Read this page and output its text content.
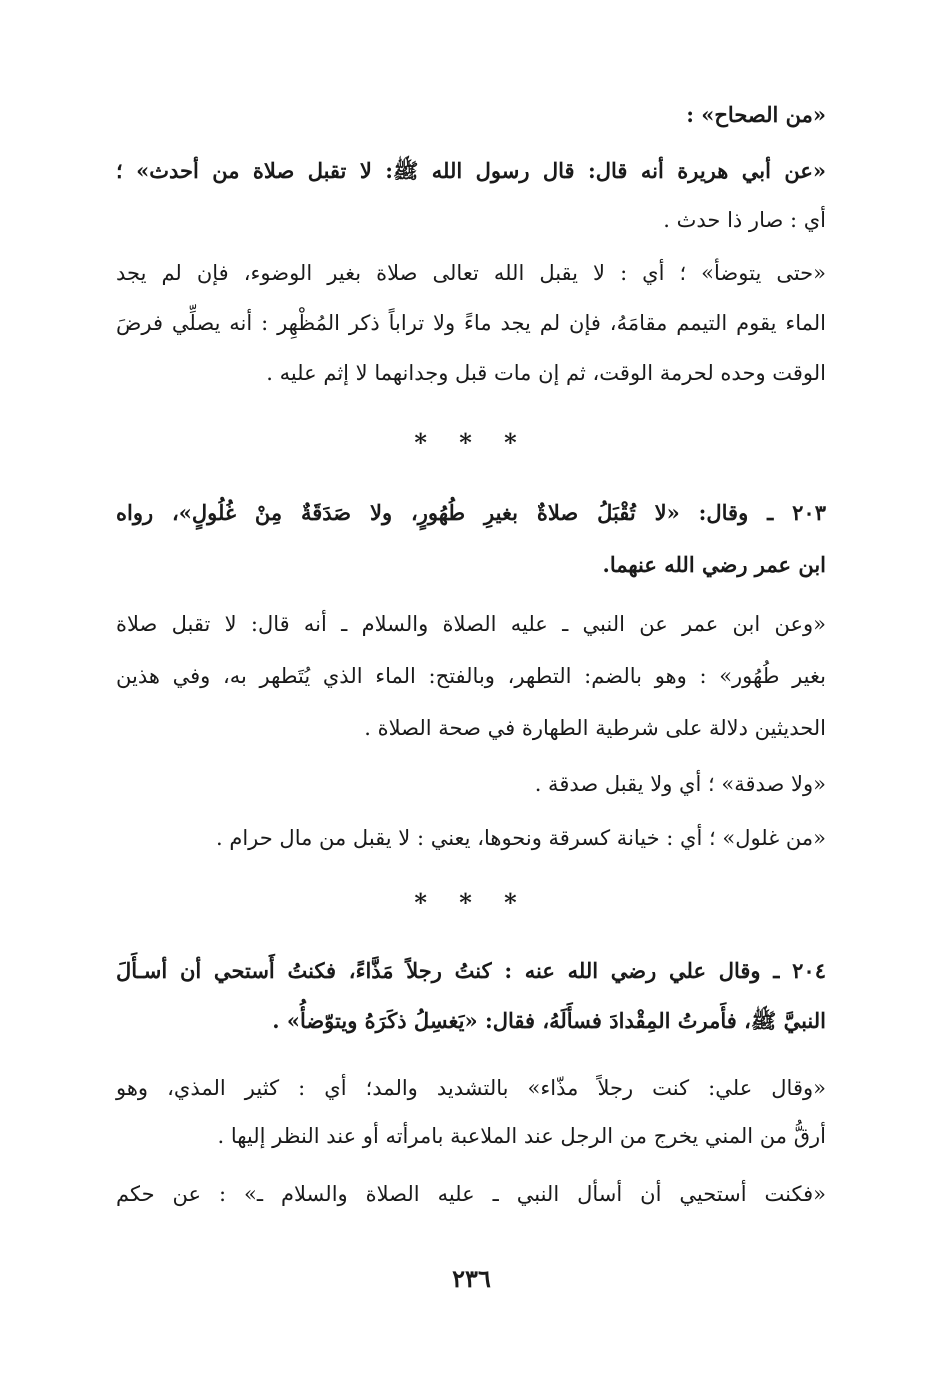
«من الصحاح» :
«عن أبي هريرة أنه قال: قال رسول الله ﷺ: لا تقبل صلاة من أحدث» ؛
أي : صار ذا حدث .
«حتى يتوضأ» ؛ أي : لا يقبل الله تعالى صلاة بغير الوضوء، فإن لم يجد
الماء يقوم التيمم مقامَهُ، فإن لم يجد ماءً ولا تراباً ذكر المُظْهِر : أنه يصلِّي فرضَ
الوقت وحده لحرمة الوقت، ثم إن مات قبل وجدانهما لا إثم عليه .
* * *
٢٠٣ ـ وقال: «لا تُقْبَلُ صلاةٌ بغيرِ طُهُورٍ، ولا صَدَقَةٌ مِنْ غُلُولٍ»، رواه
ابن عمر رضي الله عنهما.
«وعن ابن عمر عن النبي ـ عليه الصلاة والسلام ـ أنه قال: لا تقبل صلاة
بغير طُهُور» : وهو بالضم: التطهر، وبالفتح: الماء الذي يُتَطهر به، وفي هذين
الحديثين دلالة على شرطية الطهارة في صحة الصلاة .
«ولا صدقة» ؛ أي ولا يقبل صدقة .
«من غلول» ؛ أي : خيانة كسرقة ونحوها، يعني : لا يقبل من مال حرام .
* * *
٢٠٤ ـ وقال علي رضي الله عنه : كنتُ رجلاً مَذَّاءً، فكنتُ أَستحي أن أسـأَلَ
النبيَّ ﷺ، فأَمرتُ المِقْدادَ فسأَلَهُ، فقال: «يَغسِلُ ذكَرَهُ ويتوّضأُ» .
«وقال علي: كنت رجلاً مذّاء» بالتشديد والمد؛ أي : كثير المذي، وهو
أرقُّ من المني يخرج من الرجل عند الملاعبة بامرأته أو عند النظر إليها .
«فكنت أستحيي أن أسأل النبي ـ عليه الصلاة والسلام ـ» : عن حكم
٢٣٦
